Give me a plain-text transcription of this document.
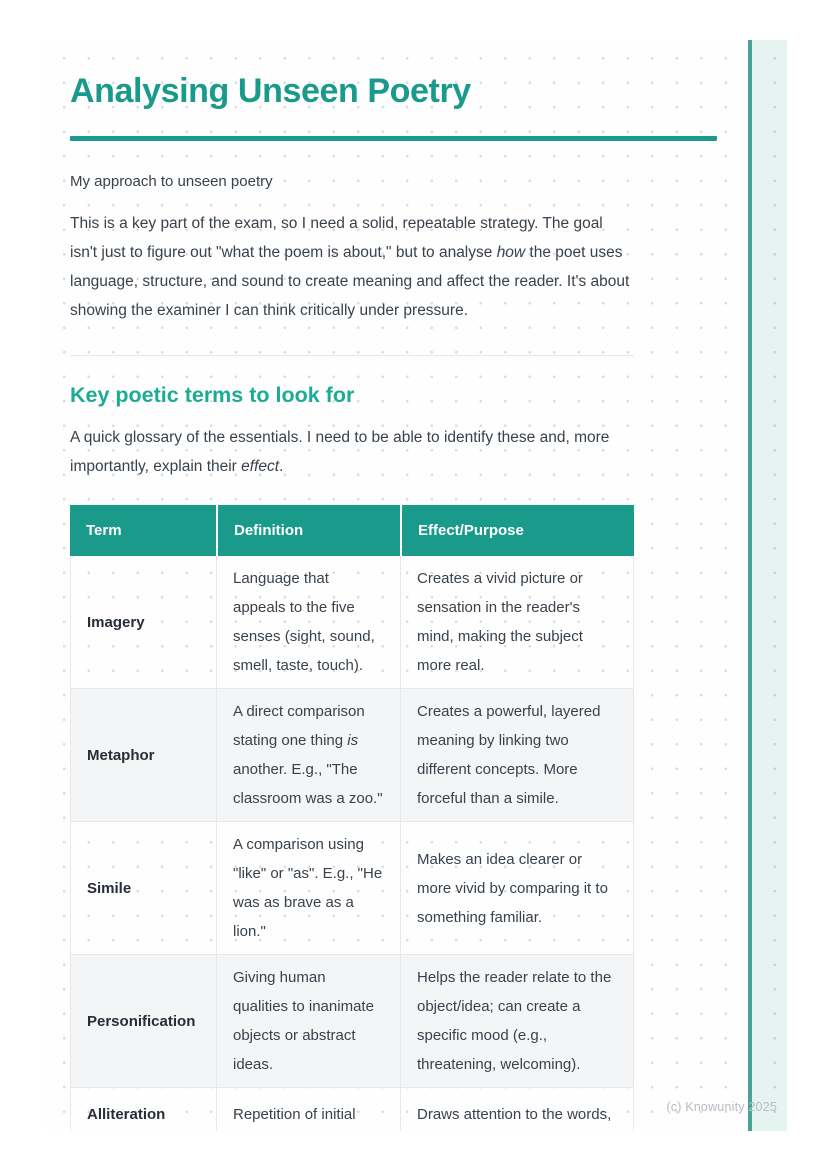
Analysing Unseen Poetry

My approach to unseen poetry

This is a key part of the exam, so I need a solid, repeatable strategy. The goal isn't just to figure out "what the poem is about," but to analyse how the poet uses language, structure, and sound to create meaning and affect the reader. It's about showing the examiner I can think critically under pressure.

Key poetic terms to look for

A quick glossary of the essentials. I need to be able to identify these and, more importantly, explain their effect.

Term	Definition	Effect/Purpose
Imagery	Language that appeals to the five senses (sight, sound, smell, taste, touch).	Creates a vivid picture or sensation in the reader's mind, making the subject more real.
Metaphor	A direct comparison stating one thing is another. E.g., "The classroom was a zoo."	Creates a powerful, layered meaning by linking two different concepts. More forceful than a simile.
Simile	A comparison using "like" or "as". E.g., "He was as brave as a lion."	Makes an idea clearer or more vivid by comparing it to something familiar.
Personification	Giving human qualities to inanimate objects or abstract ideas.	Helps the reader relate to the object/idea; can create a specific mood (e.g., threatening, welcoming).
Alliteration	Repetition of initial	Draws attention to the words,	(c) Knowunity 2025
